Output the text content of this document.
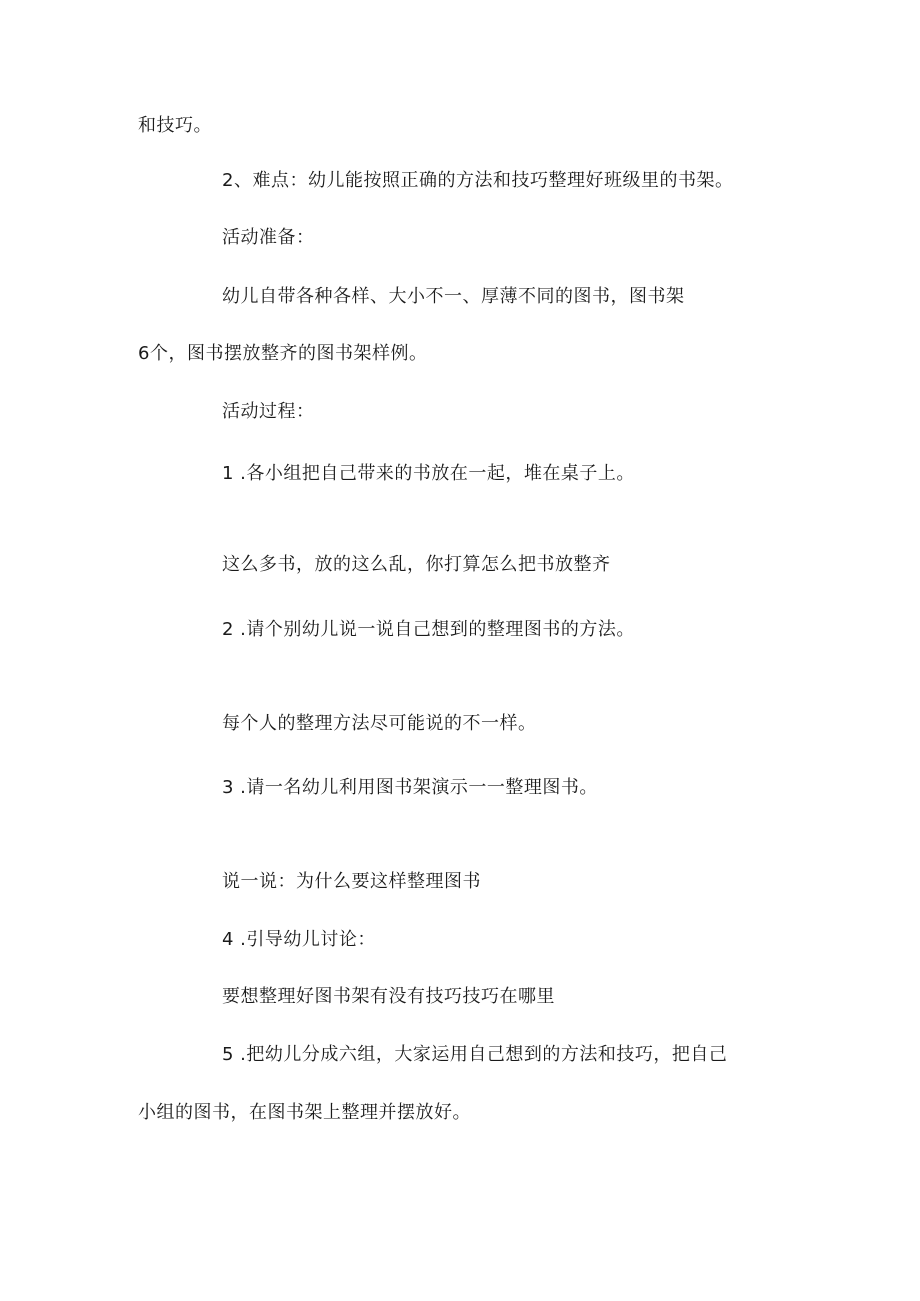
和技巧。
2、难点：幼儿能按照正确的方法和技巧整理好班级里的书架。
活动准备：
幼儿自带各种各样、大小不一、厚薄不同的图书，图书架
6个，图书摆放整齐的图书架样例。
活动过程：
1 .各小组把自己带来的书放在一起，堆在桌子上。
这么多书，放的这么乱，你打算怎么把书放整齐
2 .请个别幼儿说一说自己想到的整理图书的方法。
每个人的整理方法尽可能说的不一样。
3 .请一名幼儿利用图书架演示一一整理图书。
说一说：为什么要这样整理图书
4 .引导幼儿讨论：
要想整理好图书架有没有技巧技巧在哪里
5 .把幼儿分成六组，大家运用自己想到的方法和技巧，把自己
小组的图书，在图书架上整理并摆放好。
